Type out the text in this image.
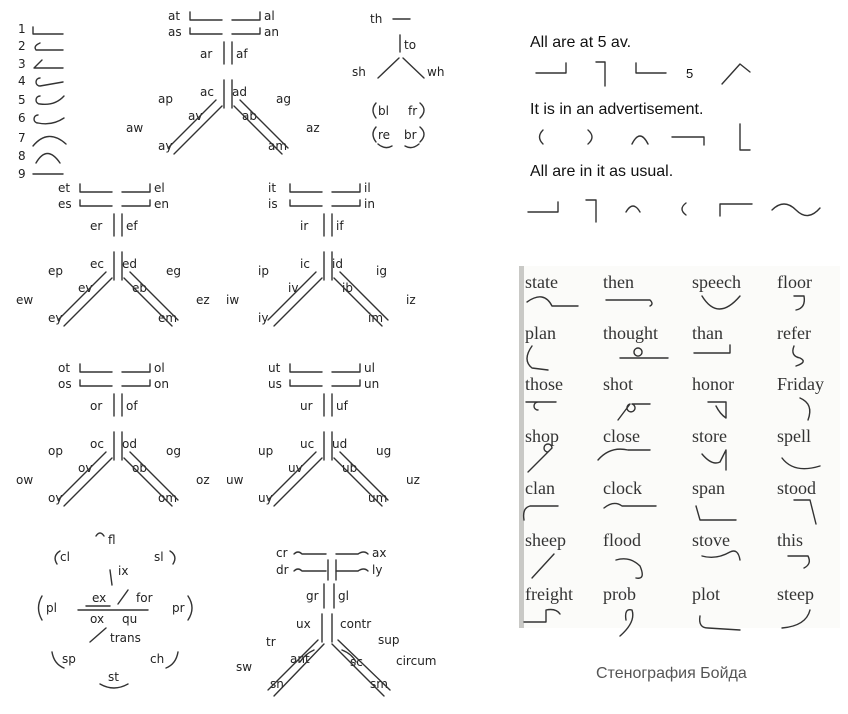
1
2
3
4
5
6
7
8
9
at
as
al
an
ar af
ac ad
ap
av
ag
ab
aw
ay
az
am
et
es
el
en
er ef
ec ed
ep
ev
eg
eb
ew
ey
ez
em
it
is
il
in
ir if
ic id
ip
iv
ig
ib
iw
iy
iz
im
ot
os
ol
on
or of
oc od
op
ov
og
ob
ow
oy
oz
om
ut
us
ul
un
ur uf
uc ud
up
uv
ug
ub
uw
uy
uz
um
th
to
sh	wh
bl fr
re br
fl
cl	sl
ix
pl
ex for
pr
ox qu
trans
sp	ch
st
cr
dr
ax
ly
gr gl
ux contr
tr	sup
ant	sc
sw	circum
sn	sm
All are at 5 av.
5
It is in an advertisement.
All are in it as usual.
state	then	speech floor
plan	thought than	refer
those shot	honor Friday
shop close	store	spell
clan	clock	span	stood
sheep flood	stove	this
freight prob	plot	steep
Стенография Бойда
